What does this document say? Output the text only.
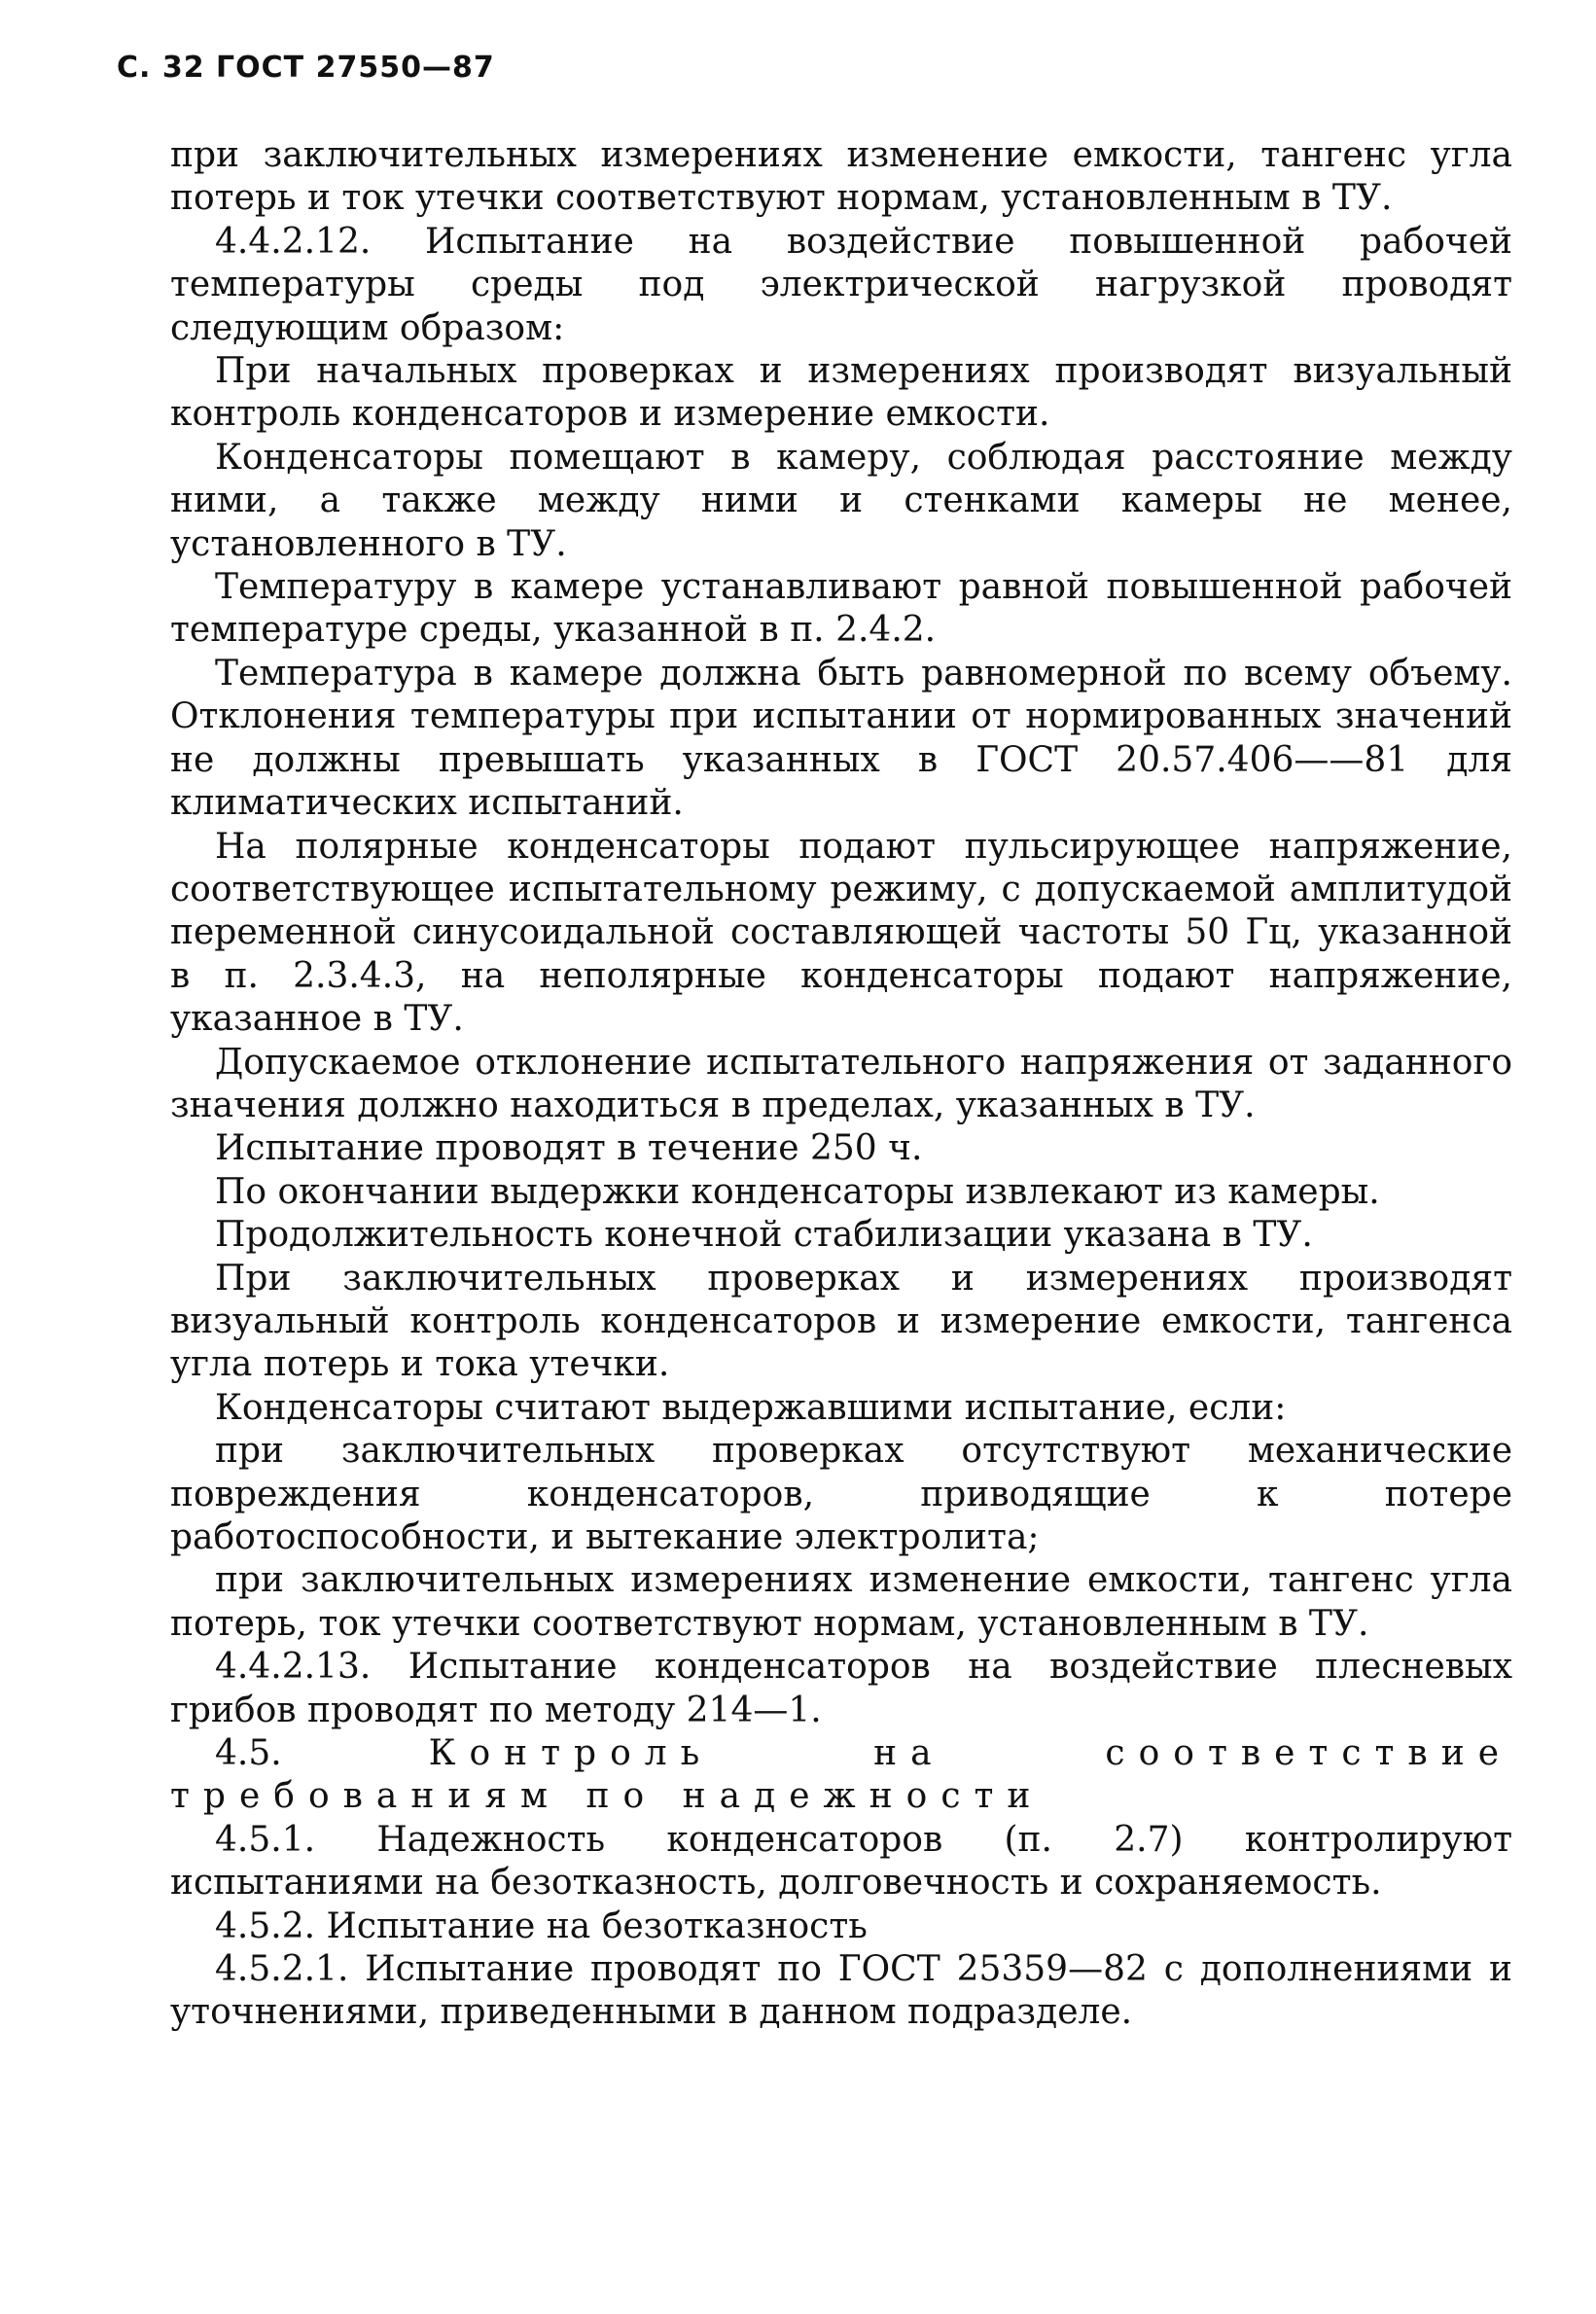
С. 32 ГОСТ 27550—87

при заключительных измерениях изменение емкости, тангенс угла потерь и ток утечки соответствуют нормам, установленным в ТУ.

4.4.2.12. Испытание на воздействие повышенной рабочей температуры среды под электрической нагрузкой проводят следующим образом:

При начальных проверках и измерениях производят визуальный контроль конденсаторов и измерение емкости.

Конденсаторы помещают в камеру, соблюдая расстояние между ними, а также между ними и стенками камеры не менее, установленного в ТУ.

Температуру в камере устанавливают равной повышенной рабочей температуре среды, указанной в п. 2.4.2.

Температура в камере должна быть равномерной по всему объему. Отклонения температуры при испытании от нормированных значений не должны превышать указанных в ГОСТ 20.57.406——81 для климатических испытаний.

На полярные конденсаторы подают пульсирующее напряжение, соответствующее испытательному режиму, с допускаемой амплитудой переменной синусоидальной составляющей частоты 50 Гц, указанной в п. 2.3.4.3, на неполярные конденсаторы подают напряжение, указанное в ТУ.

Допускаемое отклонение испытательного напряжения от заданного значения должно находиться в пределах, указанных в ТУ.

Испытание проводят в течение 250 ч.

По окончании выдержки конденсаторы извлекают из камеры.

Продолжительность конечной стабилизации указана в ТУ.

При заключительных проверках и измерениях производят визуальный контроль конденсаторов и измерение емкости, тангенса угла потерь и тока утечки.

Конденсаторы считают выдержавшими испытание, если:

при заключительных проверках отсутствуют механические повреждения конденсаторов, приводящие к потере работоспособности, и вытекание электролита;

при заключительных измерениях изменение емкости, тангенс угла потерь, ток утечки соответствуют нормам, установленным в ТУ.

4.4.2.13. Испытание конденсаторов на воздействие плесневых грибов проводят по методу 214—1.

4.5.	Контроль на соответствие требованиям по надежности

4.5.1. Надежность конденсаторов (п. 2.7) контролируют испытаниями на безотказность, долговечность и сохраняемость.

4.5.2. Испытание на безотказность

4.5.2.1. Испытание проводят по ГОСТ 25359—82 с дополнениями и уточнениями, приведенными в данном подразделе.
